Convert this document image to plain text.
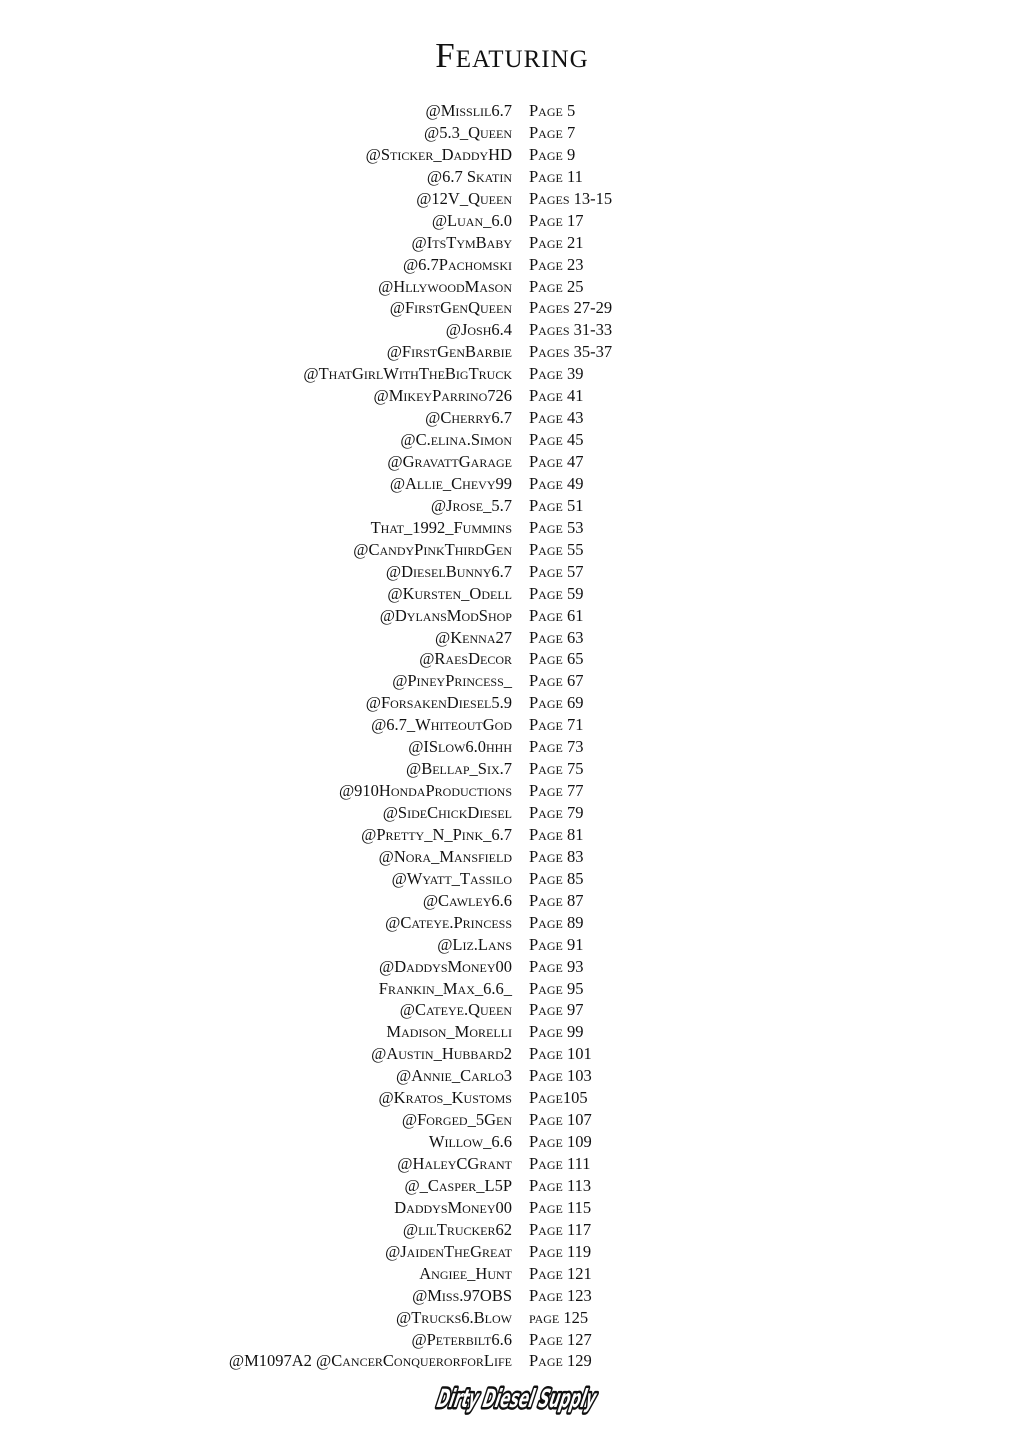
Featuring
@Misslil6.7 Page 5
@5.3_Queen Page 7
@Sticker_DaddyHD Page 9
@6.7 Skatin Page 11
@12V_Queen Pages 13-15
@Luan_6.0 Page 17
@ItsTymBaby Page 21
@6.7Pachomski Page 23
@HllywoodMason Page 25
@FirstGenQueen Pages 27-29
@Josh6.4 Pages 31-33
@FirstGenBarbie Pages 35-37
@ThatGirlWithTheBigTruck Page 39
@MikeyParrino726 Page 41
@Cherry6.7 Page 43
@C.elina.Simon Page 45
@GravattGarage Page 47
@Allie_Chevy99 Page 49
@Jrose_5.7 Page 51
That_1992_Fummins Page 53
@CandyPinkThirdGen Page 55
@DieselBunny6.7 Page 57
@Kursten_Odell Page 59
@DylansModShop Page 61
@Kenna27 Page 63
@RaesDecor Page 65
@PineyPrincess_ Page 67
@ForsakenDiesel5.9 Page 69
@6.7_WhiteoutGod Page 71
@ISlow6.0hhh Page 73
@Bellap_Six.7 Page 75
@910HondaProductions Page 77
@SideChickDiesel Page 79
@Pretty_N_Pink_6.7 Page 81
@Nora_Mansfield Page 83
@Wyatt_Tassilo Page 85
@Cawley6.6 Page 87
@Cateye.Princess Page 89
@Liz.Lans Page 91
@DaddysMoney00 Page 93
Frankin_Max_6.6_ Page 95
@Cateye.Queen Page 97
Madison_Morelli Page 99
@Austin_Hubbard2 Page 101
@Annie_Carlo3 Page 103
@Kratos_Kustoms Page105
@Forged_5Gen Page 107
Willow_6.6 Page 109
@HaleyCGrant Page 111
@_Casper_L5P Page 113
DaddysMoney00 Page 115
@lilTrucker62 Page 117
@JaidenTheGreat Page 119
Angiee_Hunt Page 121
@Miss.97OBS Page 123
@Trucks6.Blow page 125
@Peterbilt6.6 Page 127
@M1097A2 @CancerConquerorforLife Page 129
Dirty Diesel Supply
